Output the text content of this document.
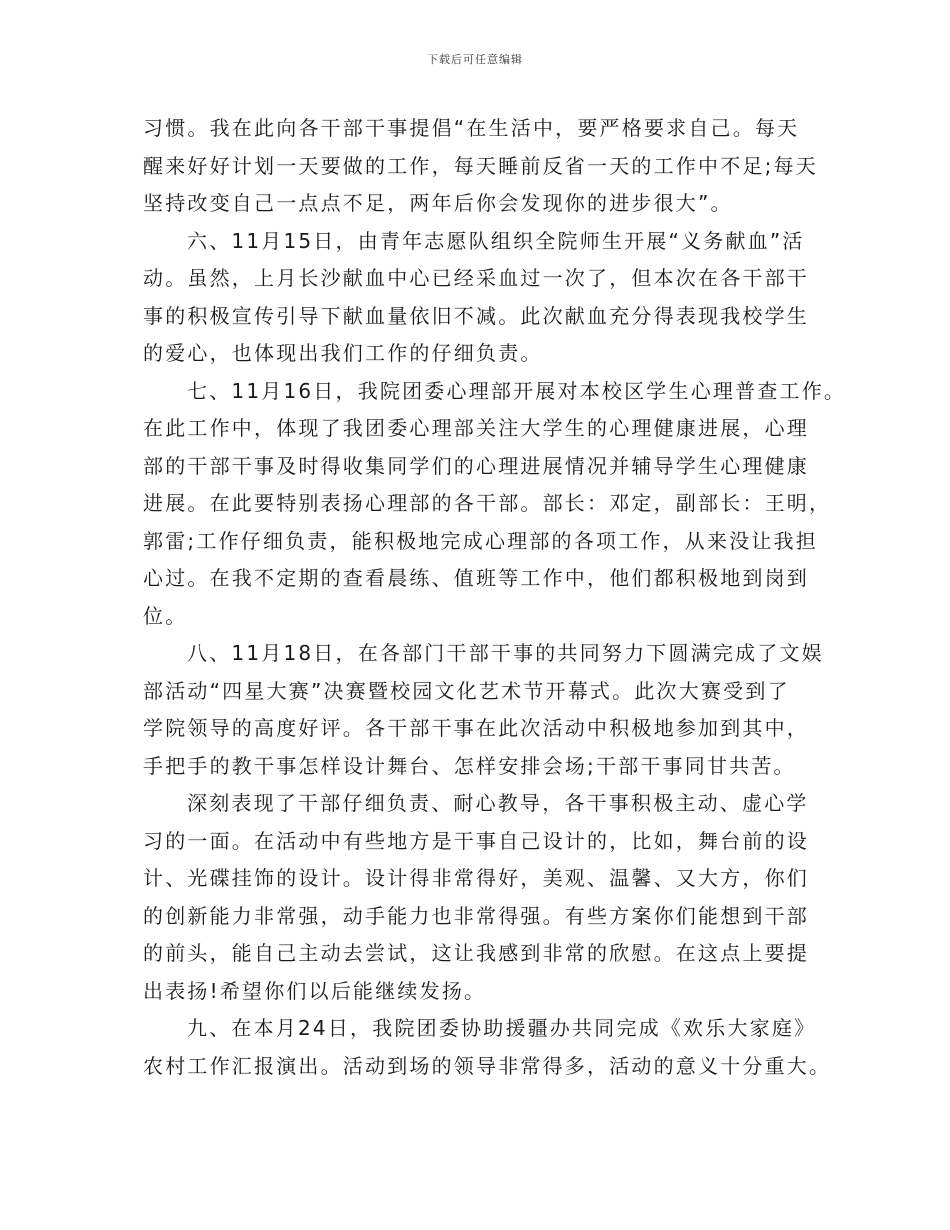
下载后可任意编辑
习惯。我在此向各干部干事提倡“在生活中，要严格要求自己。每天
醒来好好计划一天要做的工作，每天睡前反省一天的工作中不足;每天
坚持改变自己一点点不足，两年后你会发现你的进步很大”。
六、11月15日，由青年志愿队组织全院师生开展“义务献血”活
动。虽然，上月长沙献血中心已经采血过一次了，但本次在各干部干
事的积极宣传引导下献血量依旧不减。此次献血充分得表现我校学生
的爱心，也体现出我们工作的仔细负责。
七、11月16日，我院团委心理部开展对本校区学生心理普查工作。
在此工作中，体现了我团委心理部关注大学生的心理健康进展，心理
部的干部干事及时得收集同学们的心理进展情况并辅导学生心理健康
进展。在此要特别表扬心理部的各干部。部长：邓定，副部长：王明，
郭雷;工作仔细负责，能积极地完成心理部的各项工作，从来没让我担
心过。在我不定期的查看晨练、值班等工作中，他们都积极地到岗到
位。
八、11月18日，在各部门干部干事的共同努力下圆满完成了文娱
部活动“四星大赛”决赛暨校园文化艺术节开幕式。此次大赛受到了
学院领导的高度好评。各干部干事在此次活动中积极地参加到其中，
手把手的教干事怎样设计舞台、怎样安排会场;干部干事同甘共苦。
深刻表现了干部仔细负责、耐心教导，各干事积极主动、虚心学
习的一面。在活动中有些地方是干事自己设计的，比如，舞台前的设
计、光碟挂饰的设计。设计得非常得好，美观、温馨、又大方，你们
的创新能力非常强，动手能力也非常得强。有些方案你们能想到干部
的前头，能自己主动去尝试，这让我感到非常的欣慰。在这点上要提
出表扬!希望你们以后能继续发扬。
九、在本月24日，我院团委协助援疆办共同完成《欢乐大家庭》
农村工作汇报演出。活动到场的领导非常得多，活动的意义十分重大。
